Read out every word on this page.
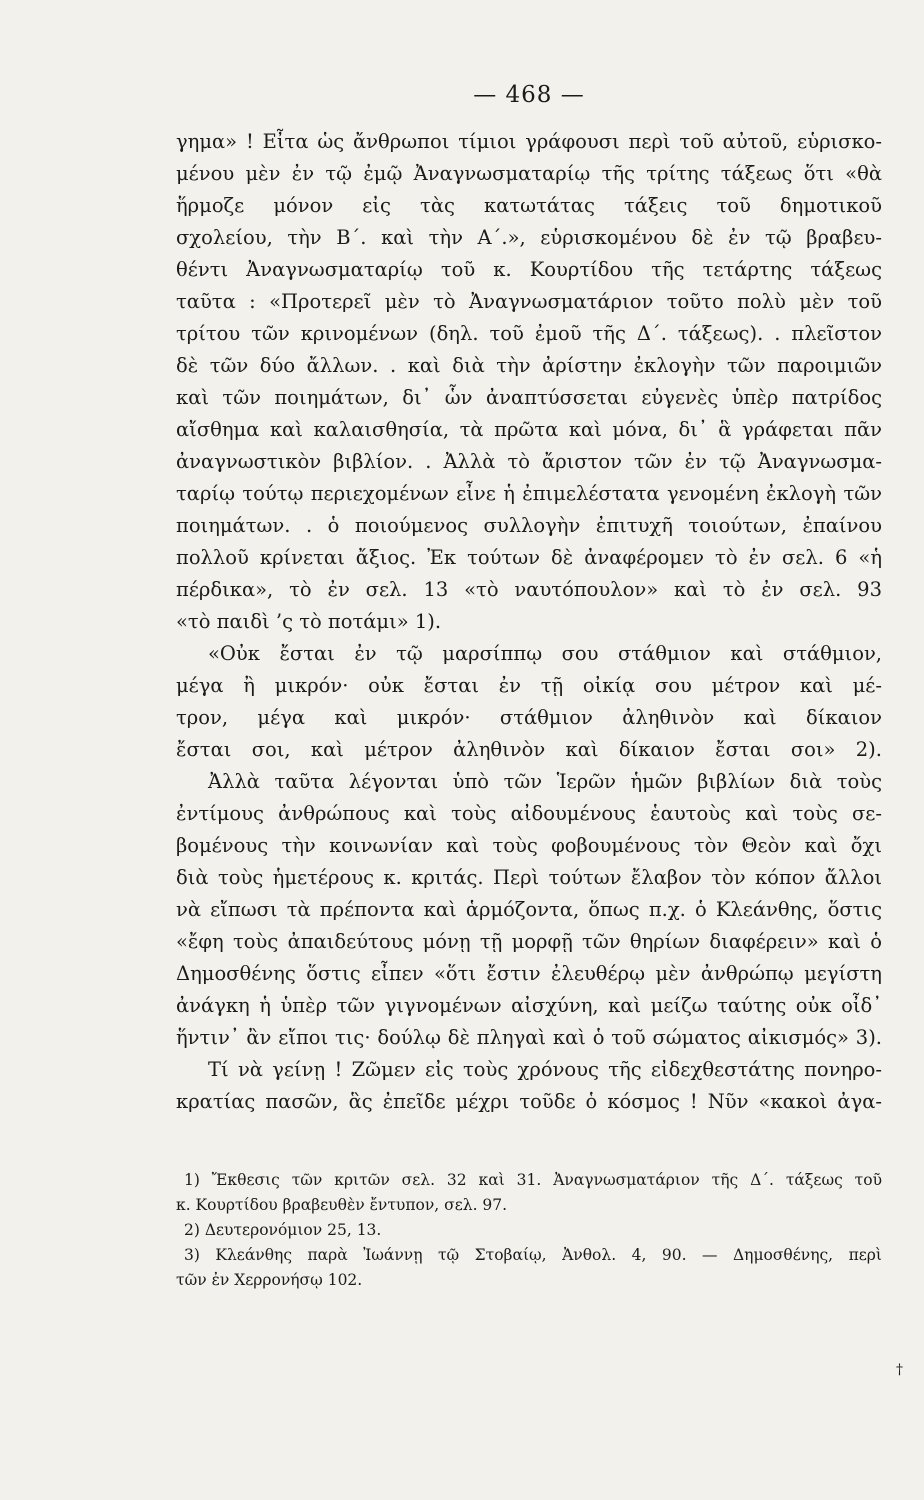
— 468 —
γημα» ! Εἶτα ὡς ἄνθρωποι τίμιοι γράφουσι περὶ τοῦ αὐτοῦ, εὑρισκο-
μένου μὲν ἐν τῷ ἐμῷ Ἀναγνωσματαρίῳ τῆς τρίτης τάξεως ὅτι «θὰ
ἥρμοζε μόνον εἰς τὰς κατωτάτας τάξεις τοῦ δημοτικοῦ
σχολείου, τὴν Β΄. καὶ τὴν Α΄.», εὑρισκομένου δὲ ἐν τῷ βραβευ-
θέντι Ἀναγνωσματαρίῳ τοῦ κ. Κουρτίδου τῆς τετάρτης τάξεως
ταῦτα : «Προτερεῖ μὲν τὸ Ἀναγνωσματάριον τοῦτο πολὺ μὲν τοῦ
τρίτου τῶν κρινομένων (δηλ. τοῦ ἐμοῦ τῆς Δ΄. τάξεως). . πλεῖστον
δὲ τῶν δύο ἄλλων. . καὶ διὰ τὴν ἀρίστην ἐκλογὴν τῶν παροιμιῶν
καὶ τῶν ποιημάτων, δι᾽ ὧν ἀναπτύσσεται εὐγενὲς ὑπὲρ πατρίδος
αἴσθημα καὶ καλαισθησία, τὰ πρῶτα καὶ μόνα, δι᾽ ἃ γράφεται πᾶν
ἀναγνωστικὸν βιβλίον. . Ἀλλὰ τὸ ἄριστον τῶν ἐν τῷ Ἀναγνωσμα-
ταρίῳ τούτῳ περιεχομένων εἶνε ἡ ἐπιμελέστατα γενομένη ἐκλογὴ τῶν
ποιημάτων. . ὁ ποιούμενος συλλογὴν ἐπιτυχῆ τοιούτων, ἐπαίνου
πολλοῦ κρίνεται ἄξιος. Ἐκ τούτων δὲ ἀναφέρομεν τὸ ἐν σελ. 6 «ἡ
πέρδικα», τὸ ἐν σελ. 13 «τὸ ναυτόπουλον» καὶ τὸ ἐν σελ. 93
«τὸ παιδὶ ’ς τὸ ποτάμι» 1).
«Οὐκ ἔσται ἐν τῷ μαρσίππῳ σου στάθμιον καὶ στάθμιον,
μέγα ἢ μικρόν· οὐκ ἔσται ἐν τῇ οἰκίᾳ σου μέτρον καὶ μέ-
τρον, μέγα καὶ μικρόν· στάθμιον ἀληθινὸν καὶ δίκαιον
ἔσται σοι, καὶ μέτρον ἀληθινὸν καὶ δίκαιον ἔσται σοι» 2).
Ἀλλὰ ταῦτα λέγονται ὑπὸ τῶν Ἱερῶν ἡμῶν βιβλίων διὰ τοὺς
ἐντίμους ἀνθρώπους καὶ τοὺς αἰδουμένους ἑαυτοὺς καὶ τοὺς σε-
βομένους τὴν κοινωνίαν καὶ τοὺς φοβουμένους τὸν Θεὸν καὶ ὄχι
διὰ τοὺς ἡμετέρους κ. κριτάς. Περὶ τούτων ἔλαβον τὸν κόπον ἄλλοι
νὰ εἴπωσι τὰ πρέποντα καὶ ἁρμόζοντα, ὅπως π.χ. ὁ Κλεάνθης, ὅστις
«ἔφη τοὺς ἀπαιδεύτους μόνῃ τῇ μορφῇ τῶν θηρίων διαφέρειν» καὶ ὁ
Δημοσθένης ὅστις εἶπεν «ὅτι ἔστιν ἐλευθέρῳ μὲν ἀνθρώπῳ μεγίστη
ἀνάγκη ἡ ὑπὲρ τῶν γιγνομένων αἰσχύνη, καὶ μείζω ταύτης οὐκ οἶδ᾽
ἥντιν᾽ ἂν εἴποι τις· δούλῳ δὲ πληγαὶ καὶ ὁ τοῦ σώματος αἰκισμός» 3).
Τί νὰ γείνῃ ! Ζῶμεν εἰς τοὺς χρόνους τῆς εἰδεχθεστάτης πονηρο-
κρατίας πασῶν, ἃς ἐπεῖδε μέχρι τοῦδε ὁ κόσμος ! Νῦν «κακοὶ ἀγα-
1) Ἔκθεσις τῶν κριτῶν σελ. 32 καὶ 31. Ἀναγνωσματάριον τῆς Δ΄. τάξεως τοῦ
κ. Κουρτίδου βραβευθὲν ἔντυπον, σελ. 97.
2) Δευτερονόμιον 25, 13.
3) Κλεάνθης παρὰ Ἰωάννῃ τῷ Στοβαίῳ, Ἀνθολ. 4, 90. — Δημοσθένης, περὶ
τῶν ἐν Χερρονήσῳ 102.
†
